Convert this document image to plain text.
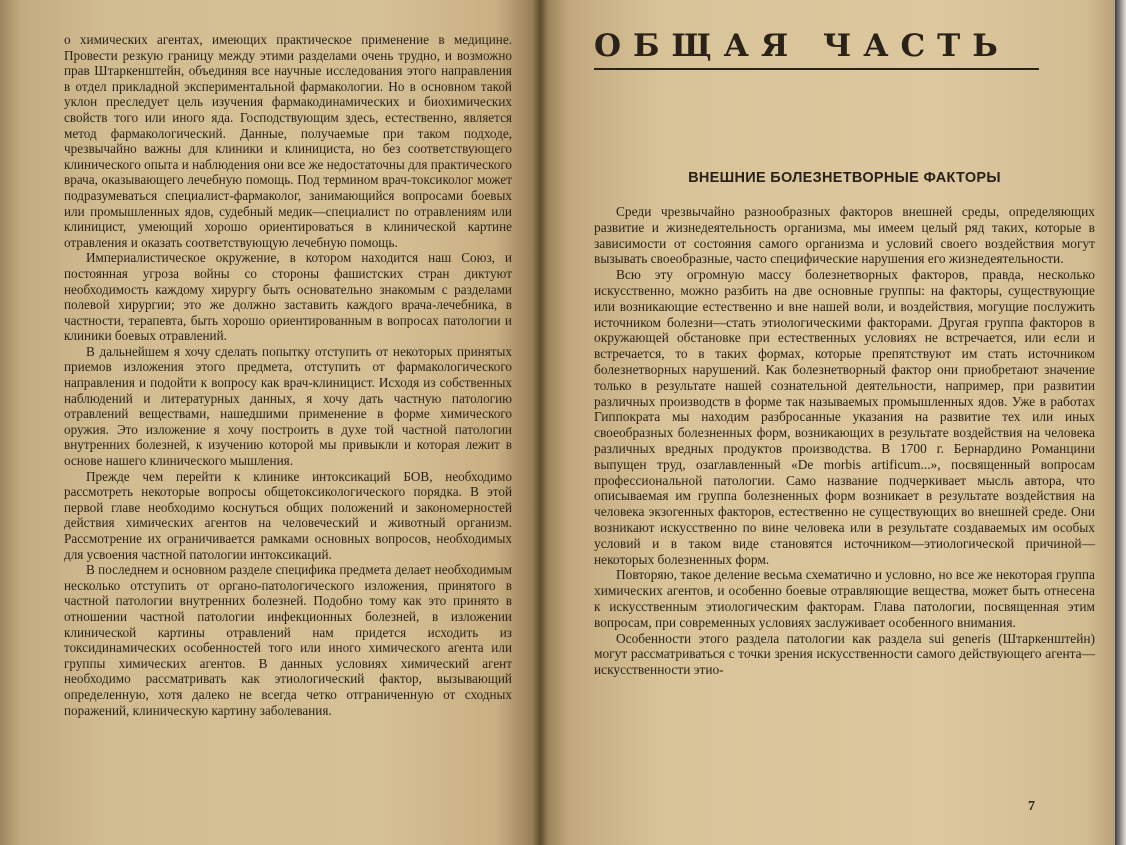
о химических агентах, имеющих практическое применение в медицине. Провести резкую границу между этими разделами очень трудно, и возможно прав Штаркенштейн, объединяя все научные исследования этого направления в отдел прикладной экспериментальной фармакологии. Но в основном такой уклон преследует цель изучения фармакодинамических и биохимических свойств того или иного яда. Господствующим здесь, естественно, является метод фармакологический. Данные, получаемые при таком подходе, чрезвычайно важны для клиники и клинициста, но без соответствующего клинического опыта и наблюдения они все же недостаточны для практического врача, оказывающего лечебную помощь. Под термином врач-токсиколог может подразумеваться специалист-фармаколог, занимающийся вопросами боевых или промышленных ядов, судебный медик—специалист по отравлениям или клиницист, умеющий хорошо ориентироваться в клинической картине отравления и оказать соответствующую лечебную помощь.

Империалистическое окружение, в котором находится наш Союз, и постоянная угроза войны со стороны фашистских стран диктуют необходимость каждому хирургу быть основательно знакомым с разделами полевой хирургии; это же должно заставить каждого врача-лечебника, в частности, терапевта, быть хорошо ориентированным в вопросах патологии и клиники боевых отравлений.

В дальнейшем я хочу сделать попытку отступить от некоторых принятых приемов изложения этого предмета, отступить от фармакологического направления и подойти к вопросу как врач-клиницист. Исходя из собственных наблюдений и литературных данных, я хочу дать частную патологию отравлений веществами, нашедшими применение в форме химического оружия. Это изложение я хочу построить в духе той частной патологии внутренних болезней, к изучению которой мы привыкли и которая лежит в основе нашего клинического мышления.

Прежде чем перейти к клинике интоксикаций БОВ, необходимо рассмотреть некоторые вопросы общетоксикологического порядка. В этой первой главе необходимо коснуться общих положений и закономерностей действия химических агентов на человеческий и животный организм. Рассмотрение их ограничивается рамками основных вопросов, необходимых для усвоения частной патологии интоксикаций.

В последнем и основном разделе специфика предмета делает необходимым несколько отступить от органо-патологического изложения, принятого в частной патологии внутренних болезней. Подобно тому как это принято в отношении частной патологии инфекционных болезней, в изложении клинической картины отравлений нам придется исходить из токсидинамических особенностей того или иного химического агента или группы химических агентов. В данных условиях химический агент необходимо рассматривать как этиологический фактор, вызывающий определенную, хотя далеко не всегда четко отграниченную от сходных поражений, клиническую картину заболевания.

ОБЩАЯ ЧАСТЬ
ВНЕШНИЕ БОЛЕЗНЕТВОРНЫЕ ФАКТОРЫ

Среди чрезвычайно разнообразных факторов внешней среды, определяющих развитие и жизнедеятельность организма, мы имеем целый ряд таких, которые в зависимости от состояния самого организма и условий своего воздействия могут вызывать своеобразные, часто специфические нарушения его жизнедеятельности.

Всю эту огромную массу болезнетворных факторов, правда, несколько искусственно, можно разбить на две основные группы: на факторы, существующие или возникающие естественно и вне нашей воли, и воздействия, могущие послужить источником болезни—стать этиологическими факторами. Другая группа факторов в окружающей обстановке при естественных условиях не встречается, или если и встречается, то в таких формах, которые препятствуют им стать источником болезнетворных нарушений. Как болезнетворный фактор они приобретают значение только в результате нашей сознательной деятельности, например, при развитии различных производств в форме так называемых промышленных ядов. Уже в работах Гиппократа мы находим разбросанные указания на развитие тех или иных своеобразных болезненных форм, возникающих в результате воздействия на человека различных вредных продуктов производства. В 1700 г. Бернардино Романцини выпущен труд, озаглавленный «De morbis artificum...», посвященный вопросам профессиональной патологии. Само название подчеркивает мысль автора, что описываемая им группа болезненных форм возникает в результате воздействия на человека экзогенных факторов, естественно не существующих во внешней среде. Они возникают искусственно по вине человека или в результате создаваемых им особых условий и в таком виде становятся источником—этиологической причиной—некоторых болезненных форм.

Повторяю, такое деление весьма схематично и условно, но все же некоторая группа химических агентов, и особенно боевые отравляющие вещества, может быть отнесена к искусственным этиологическим факторам. Глава патологии, посвященная этим вопросам, при современных условиях заслуживает особенного внимания.

Особенности этого раздела патологии как раздела sui generis (Штаркенштейн) могут рассматриваться с точки зрения искусственности самого действующего агента—искусственности этио-

7
